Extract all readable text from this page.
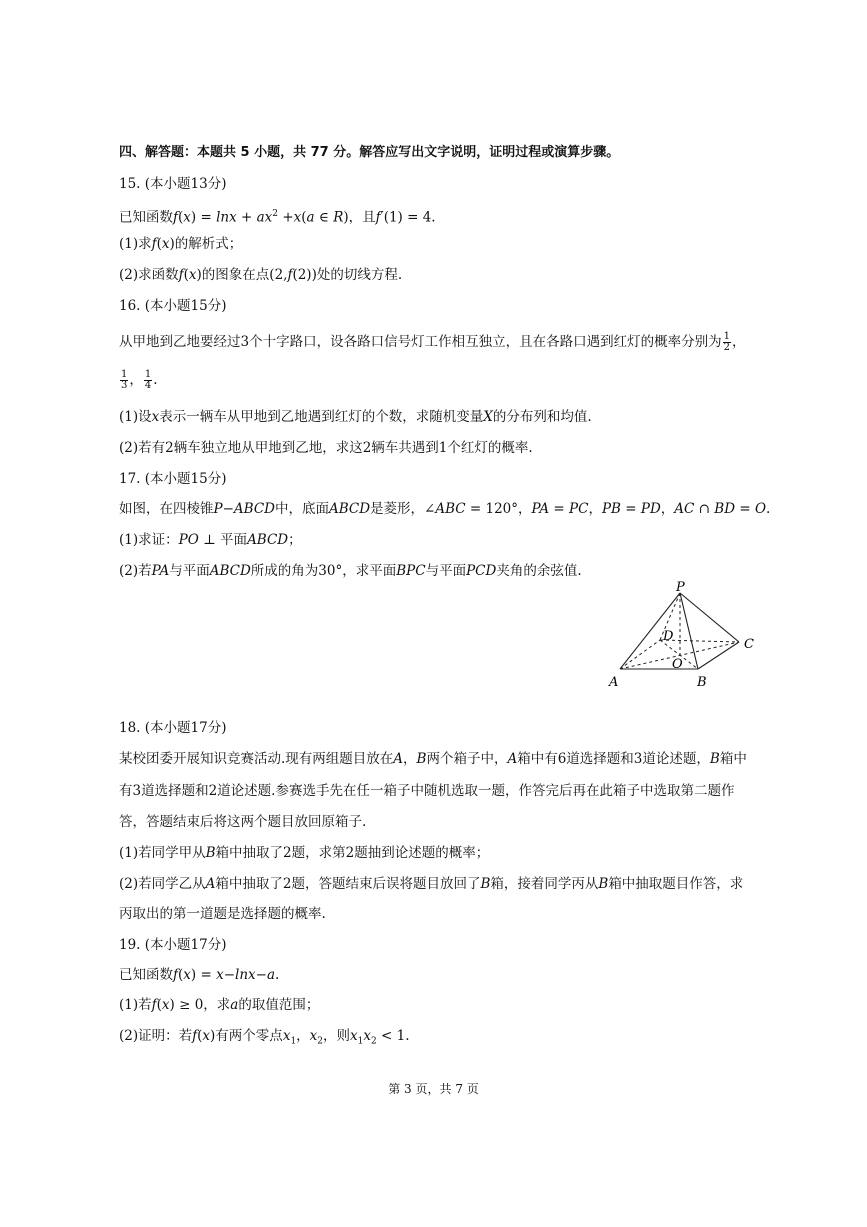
四、解答题：本题共 5 小题，共 77 分。解答应写出文字说明，证明过程或演算步骤。
15. (本小题13分)
已知函数$f(x) = \ln x + ax^2 +x(a$ ∈ R)，且f′(1) = 4.
(1)求f(x)的解析式；
(2)求函数f(x)的图象在点(2,f(2))处的切线方程.
16. (本小题15分)
从甲地到乙地要经过3个十字路口，设各路口信号灯工作相互独立，且在各路口遇到红灯的概率分别为 $\frac{1}{2}$ ，
$\frac{1}{3}$ ， $\frac{1}{4}$ .
(1)设x表示一辆车从甲地到乙地遇到红灯的个数，求随机变量X的分布列和均值.
(2)若有2辆车独立地从甲地到乙地，求这2辆车共遇到1个红灯的概率.
17. (本小题15分)
如图，在四棱锥P−ABCD中，底面ABCD是菱形，∠ABC = 120°，PA = PC，PB = PD，AC ∩ BD = O.
(1)求证：PO ⊥ 平面ABCD；
(2)若PA与平面ABCD所成的角为30°，求平面BPC与平面PCD夹角的余弦值.
P
D
C
O
A	B
18. (本小题17分)
某校团委开展知识竞赛活动.现有两组题目放在A，B两个箱子中，A箱中有6道选择题和3道论述题，B箱中
有3道选择题和2道论述题.参赛选手先在任一箱子中随机选取一题，作答完后再在此箱子中选取第二题作
答，答题结束后将这两个题目放回原箱子.
(1)若同学甲从B箱中抽取了2题，求第2题抽到论述题的概率；
(2)若同学乙从A箱中抽取了2题，答题结束后误将题目放回了B箱，接着同学丙从B箱中抽取题目作答，求
丙取出的第一道题是选择题的概率.
19. (本小题17分)
已知函数f(x) = x−lnx−a.
(1)若f(x) ≥ 0，求a的取值范围；
(2)证明：若f(x)有两个零点$x_1$，$x_2$，则$x_1x_2 < 1$.
第 3 页，共 7 页
